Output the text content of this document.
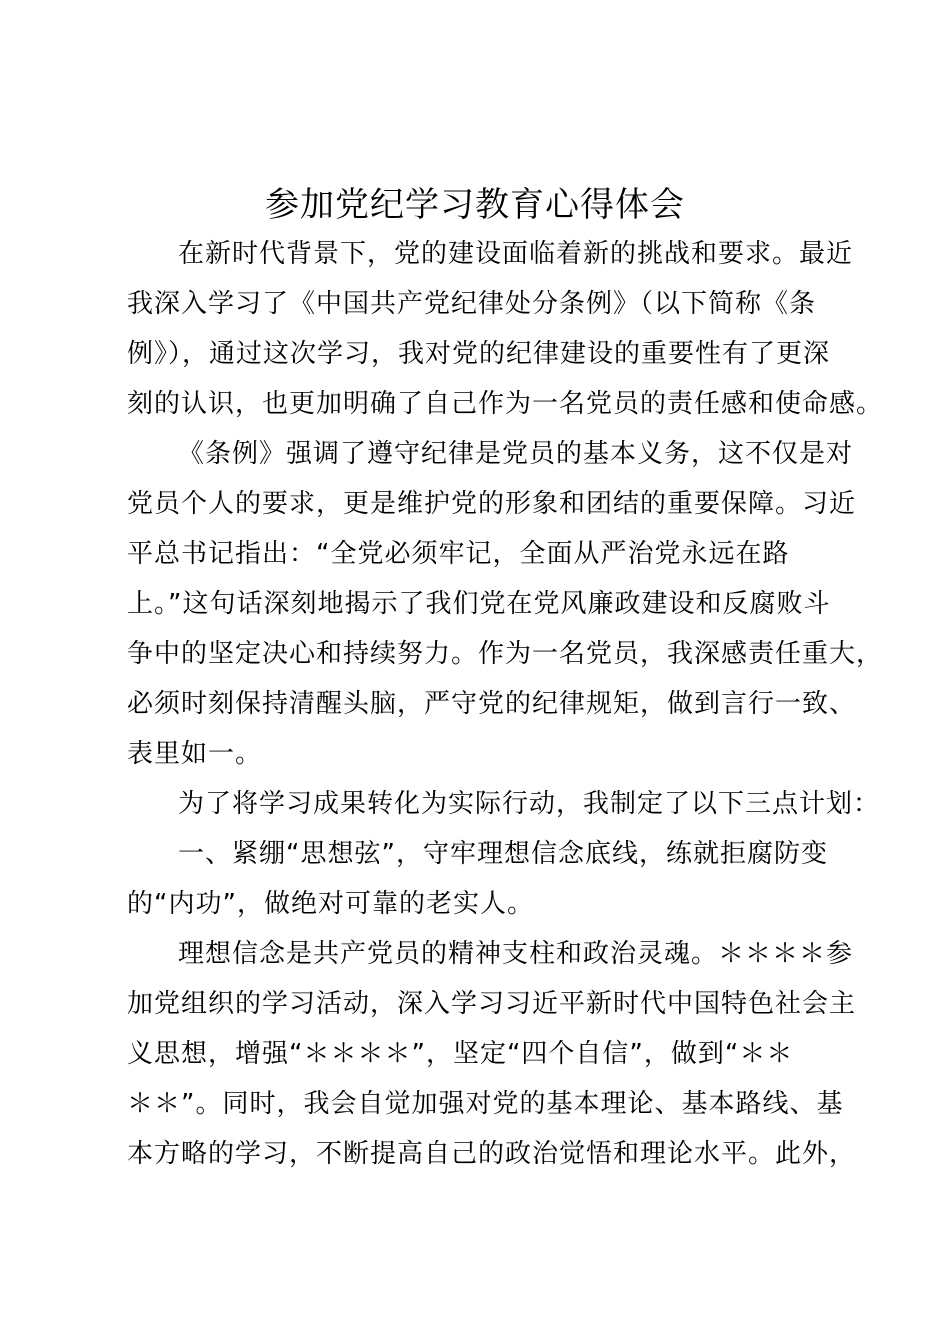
参加党纪学习教育心得体会
在新时代背景下，党的建设面临着新的挑战和要求。最近
我深入学习了《中国共产党纪律处分条例》（以下简称《条
例》），通过这次学习，我对党的纪律建设的重要性有了更深
刻的认识，也更加明确了自己作为一名党员的责任感和使命感。
《条例》强调了遵守纪律是党员的基本义务，这不仅是对
党员个人的要求，更是维护党的形象和团结的重要保障。习近
平总书记指出：“全党必须牢记，全面从严治党永远在路
上。”这句话深刻地揭示了我们党在党风廉政建设和反腐败斗
争中的坚定决心和持续努力。作为一名党员，我深感责任重大，
必须时刻保持清醒头脑，严守党的纪律规矩，做到言行一致、
表里如一。
为了将学习成果转化为实际行动，我制定了以下三点计划：
一、紧绷“思想弦”，守牢理想信念底线，练就拒腐防变
的“内功”，做绝对可靠的老实人。
理想信念是共产党员的精神支柱和政治灵魂。＊＊＊＊参
加党组织的学习活动，深入学习习近平新时代中国特色社会主
义思想，增强“＊＊＊＊”，坚定“四个自信”，做到“＊＊
＊＊”。同时，我会自觉加强对党的基本理论、基本路线、基
本方略的学习，不断提高自己的政治觉悟和理论水平。此外，
